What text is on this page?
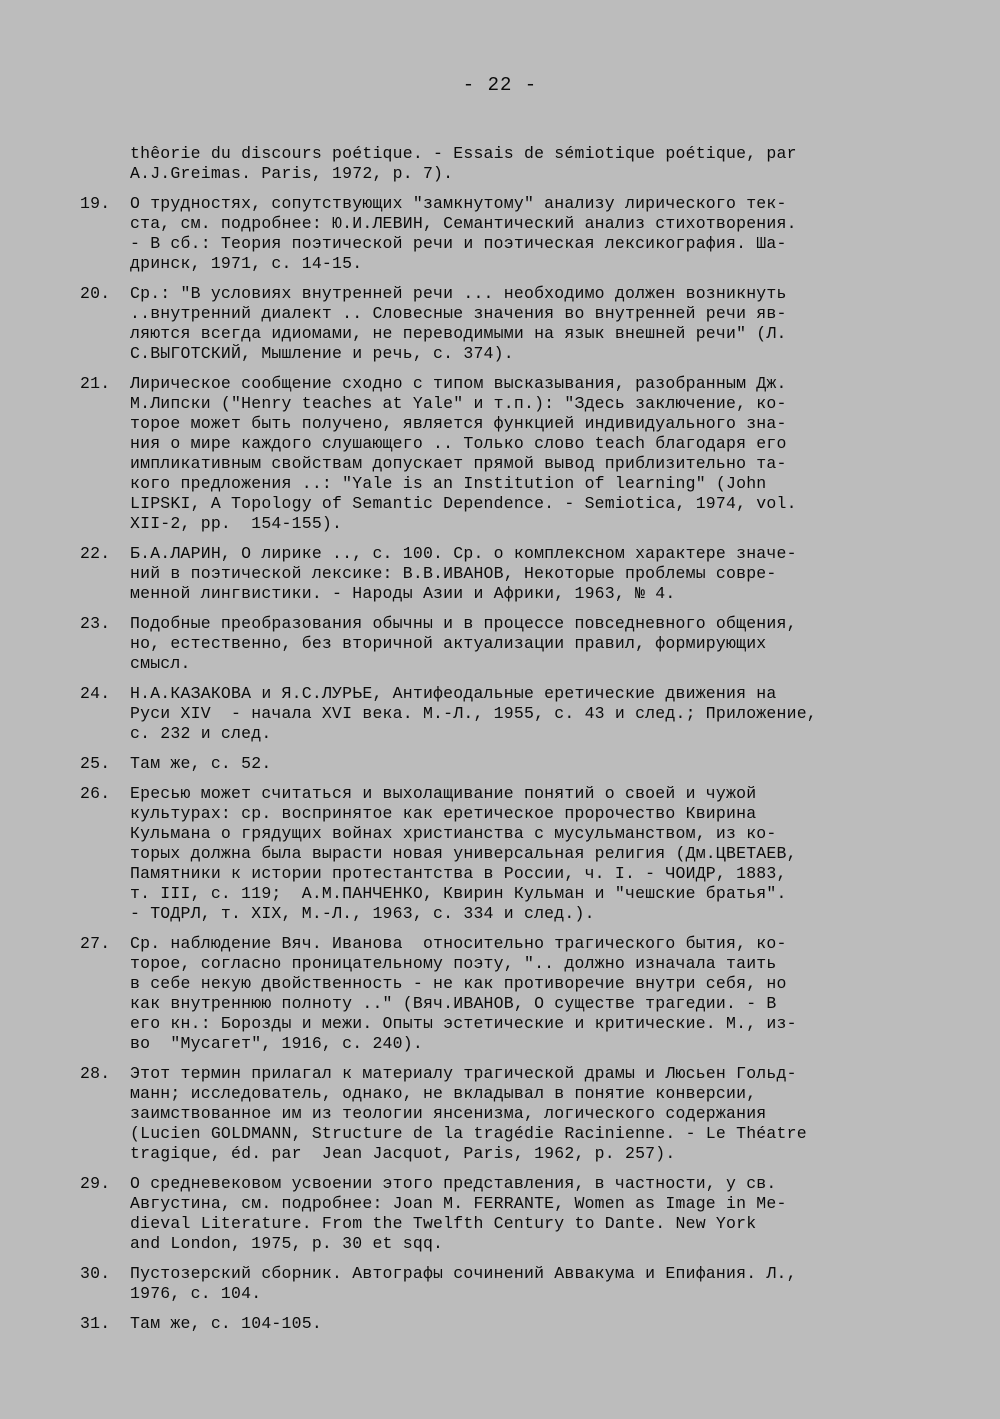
- 22 -
thêorie du discours poétique. - Essais de sémiotique poétique, par
A.J.Greimas. Paris, 1972, p. 7).
19.	О трудностях, сопутствующих "замкнутому" анализу лирического тек-
ста, см. подробнее: Ю.И.ЛЕВИН, Семантический анализ стихотворения.
- В сб.: Теория поэтической речи и поэтическая лексикография. Ша-
дринск, 1971, с. 14-15.
20.	Ср.: "В условиях внутренней речи ... необходимо должен возникнуть
..внутренний диалект .. Словесные значения во внутренней речи яв-
ляются всегда идиомами, не переводимыми на язык внешней речи" (Л.
С.ВЫГОТСКИЙ, Мышление и речь, с. 374).
21.	Лирическое сообщение сходно с типом высказывания, разобранным Дж.
М.Липски ("Henry teaches at Yale" и т.п.): "Здесь заключение, ко-
торое может быть получено, является функцией индивидуального зна-
ния о мире каждого слушающего .. Только слово teach благодаря его
импликативным свойствам допускает прямой вывод приблизительно та-
кого предложения ..: "Yale is an Institution of learning" (John
LIPSKI, A Topology of Semantic Dependence. - Semiotica, 1974, vol.
XII-2, pp.  154-155).
22.	Б.А.ЛАРИН, О лирике .., с. 100. Ср. о комплексном характере значе-
ний в поэтической лексике: В.В.ИВАНОВ, Некоторые проблемы совре-
менной лингвистики. - Народы Азии и Африки, 1963, № 4.
23.	Подобные преобразования обычны и в процессе повседневного общения,
но, естественно, без вторичной актуализации правил, формирующих
смысл.
24.	Н.А.КАЗАКОВА и Я.С.ЛУРЬЕ, Антифеодальные еретические движения на
Руси XIV  - начала XVI века. М.-Л., 1955, с. 43 и след.; Приложение,
с. 232 и след.
25.	Там же, с. 52.
26.	Ересью может считаться и выхолащивание понятий о своей и чужой
культурах: ср. воспринятое как еретическое пророчество Квирина
Кульмана о грядущих войнах христианства с мусульманством, из ко-
торых должна была вырасти новая универсальная религия (Дм.ЦВЕТАЕВ,
Памятники к истории протестантства в России, ч. I. - ЧОИДР, 1883,
т. III, с. 119;  А.М.ПАНЧЕНКО, Квирин Кульман и "чешские братья".
- ТОДРЛ, т. XIX, М.-Л., 1963, с. 334 и след.).
27.	Ср. наблюдение Вяч. Иванова  относительно трагического бытия, ко-
торое, согласно проницательному поэту, ".. должно изначала таить
в себе некую двойственность - не как противоречие внутри себя, но
как внутреннюю полноту .." (Вяч.ИВАНОВ, О существе трагедии. - В
его кн.: Борозды и межи. Опыты эстетические и критические. М., из-
во  "Мусагет", 1916, с. 240).
28.	Этот термин прилагал к материалу трагической драмы и Люсьен Гольд-
манн; исследователь, однако, не вкладывал в понятие конверсии,
заимствованное им из теологии янсенизма, логического содержания
(Lucien GOLDMANN, Structure de la tragédie Racinienne. - Le Théatre
tragique, éd. par  Jean Jacquot, Paris, 1962, p. 257).
29.	О средневековом усвоении этого представления, в частности, у св.
Августина, см. подробнее: Joan M. FERRANTE, Women as Image in Me-
dieval Literature. From the Twelfth Century to Dante. New York
and London, 1975, p. 30 et sqq.
30.	Пустозерский сборник. Автографы сочинений Аввакума и Епифания. Л.,
1976, с. 104.
31.	Там же, с. 104-105.
